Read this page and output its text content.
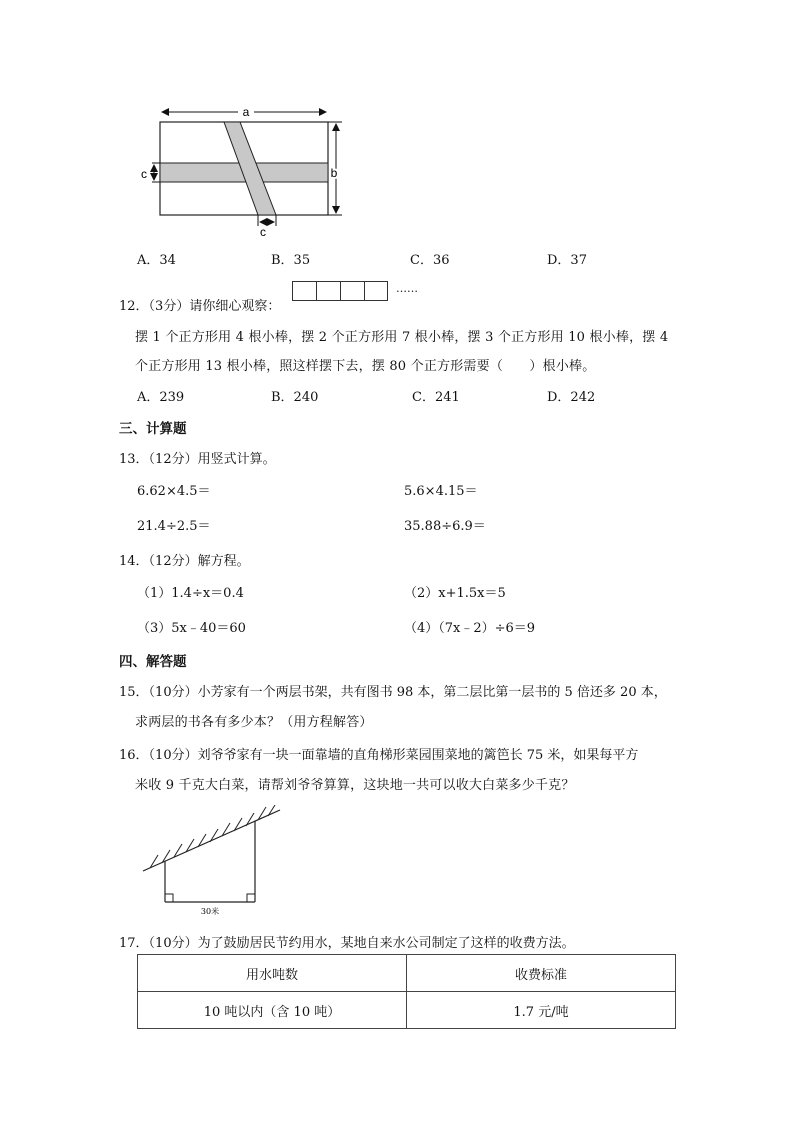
a
b
c
c
A．34	B．35	C．36	D．37
12．（3分）请你细心观察：
……
摆 1 个正方形用 4 根小棒，摆 2 个正方形用 7 根小棒，摆 3 个正方形用 10 根小棒，摆 4
个正方形用 13 根小棒，照这样摆下去，摆 80 个正方形需要（　　）根小棒。
A．239	B．240	C．241	D．242
三、计算题
13．（12分）用竖式计算。
6.62×4.5＝	5.6×4.15＝
21.4÷2.5＝	35.88÷6.9＝
14．（12分）解方程。
（1）1.4÷x＝0.4	（2）x+1.5x＝5
（3）5x﹣40＝60	（4）（7x﹣2）÷6＝9
四、解答题
15．（10分）小芳家有一个两层书架，共有图书 98 本，第二层比第一层书的 5 倍还多 20 本，
求两层的书各有多少本？（用方程解答）
16．（10分）刘爷爷家有一块一面靠墙的直角梯形菜园围菜地的篱笆长 75 米，如果每平方
米收 9 千克大白菜，请帮刘爷爷算算，这块地一共可以收大白菜多少千克？
30米
17．（10分）为了鼓励居民节约用水，某地自来水公司制定了这样的收费方法。
用水吨数	收费标准
10 吨以内（含 10 吨）	1.7 元/吨
